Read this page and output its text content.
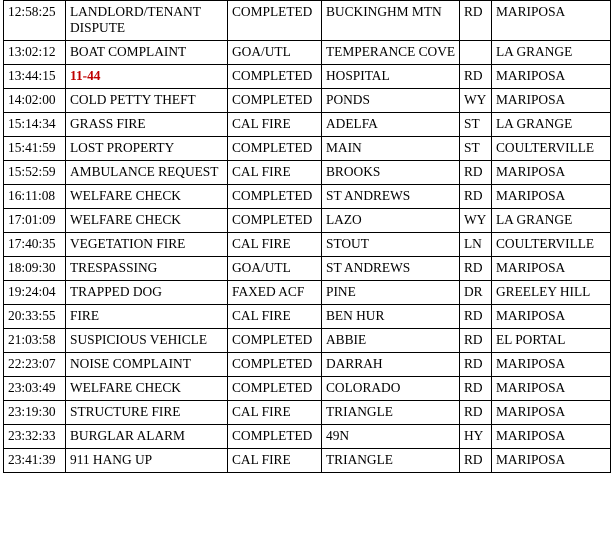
12:58:25	LANDLORD/TENANT DISPUTE	COMPLETED	BUCKINGHM MTN	RD	MARIPOSA
13:02:12	BOAT COMPLAINT	GOA/UTL	TEMPERANCE COVE		LA GRANGE
13:44:15	11-44	COMPLETED	HOSPITAL	RD	MARIPOSA
14:02:00	COLD PETTY THEFT	COMPLETED	PONDS	WY	MARIPOSA
15:14:34	GRASS FIRE	CAL FIRE	ADELFA	ST	LA GRANGE
15:41:59	LOST PROPERTY	COMPLETED	MAIN	ST	COULTERVILLE
15:52:59	AMBULANCE REQUEST	CAL FIRE	BROOKS	RD	MARIPOSA
16:11:08	WELFARE CHECK	COMPLETED	ST ANDREWS	RD	MARIPOSA
17:01:09	WELFARE CHECK	COMPLETED	LAZO	WY	LA GRANGE
17:40:35	VEGETATION FIRE	CAL FIRE	STOUT	LN	COULTERVILLE
18:09:30	TRESPASSING	GOA/UTL	ST ANDREWS	RD	MARIPOSA
19:24:04	TRAPPED DOG	FAXED ACF	PINE	DR	GREELEY HILL
20:33:55	FIRE	CAL FIRE	BEN HUR	RD	MARIPOSA
21:03:58	SUSPICIOUS VEHICLE	COMPLETED	ABBIE	RD	EL PORTAL
22:23:07	NOISE COMPLAINT	COMPLETED	DARRAH	RD	MARIPOSA
23:03:49	WELFARE CHECK	COMPLETED	COLORADO	RD	MARIPOSA
23:19:30	STRUCTURE FIRE	CAL FIRE	TRIANGLE	RD	MARIPOSA
23:32:33	BURGLAR ALARM	COMPLETED	49N	HY	MARIPOSA
23:41:39	911 HANG UP	CAL FIRE	TRIANGLE	RD	MARIPOSA
